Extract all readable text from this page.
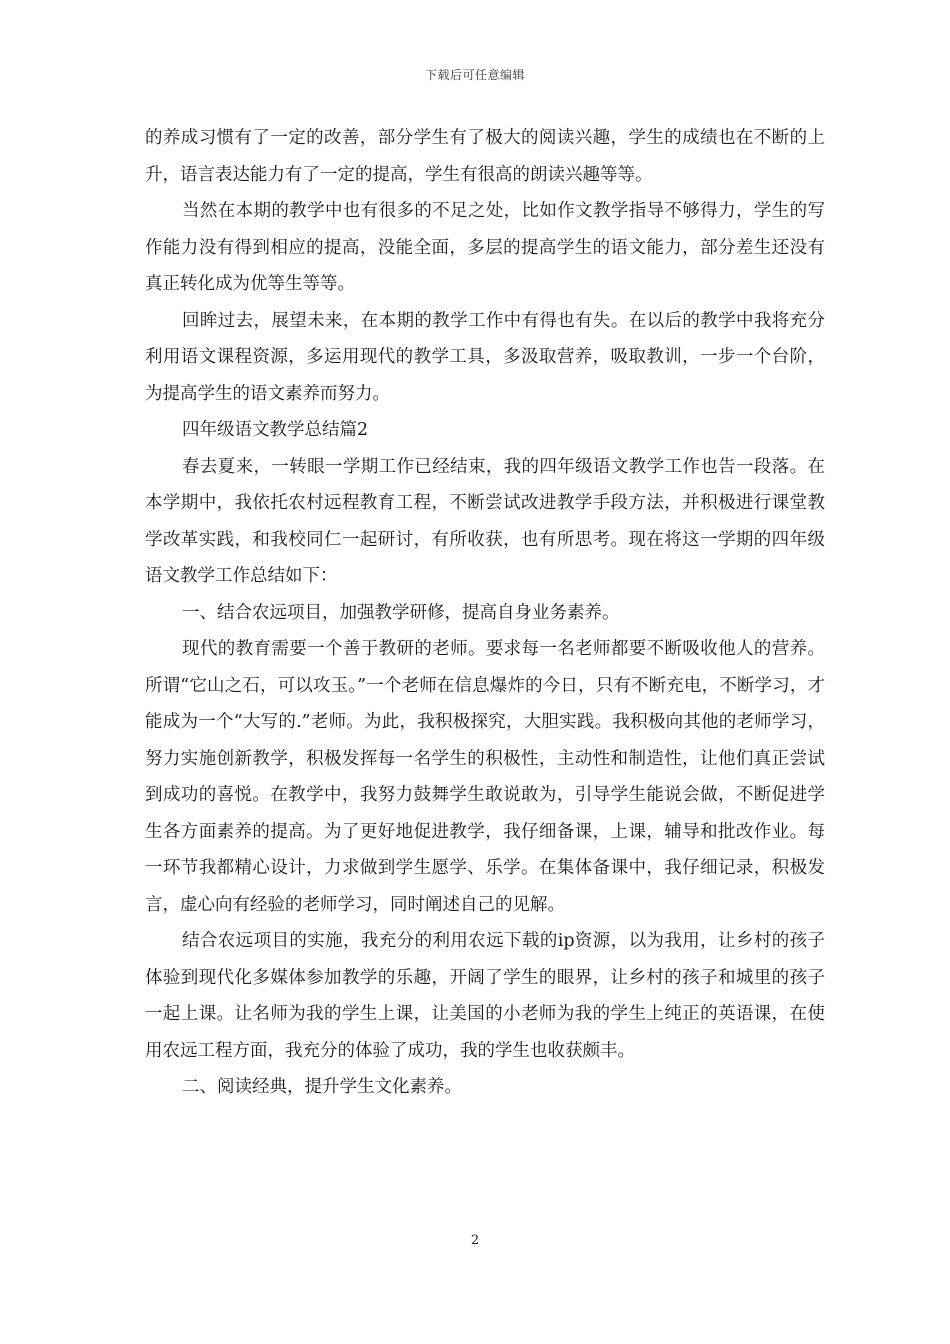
下载后可任意编辑

的养成习惯有了一定的改善，部分学生有了极大的阅读兴趣，学生的成绩也在不断的上升，语言表达能力有了一定的提高，学生有很高的朗读兴趣等等。

当然在本期的教学中也有很多的不足之处，比如作文教学指导不够得力，学生的写作能力没有得到相应的提高，没能全面，多层的提高学生的语文能力，部分差生还没有真正转化成为优等生等等。

回眸过去，展望未来，在本期的教学工作中有得也有失。在以后的教学中我将充分利用语文课程资源，多运用现代的教学工具，多汲取营养，吸取教训，一步一个台阶，为提高学生的语文素养而努力。

四年级语文教学总结篇2

春去夏来，一转眼一学期工作已经结束，我的四年级语文教学工作也告一段落。在本学期中，我依托农村远程教育工程，不断尝试改进教学手段方法，并积极进行课堂教学改革实践，和我校同仁一起研讨，有所收获，也有所思考。现在将这一学期的四年级语文教学工作总结如下：

一、结合农远项目，加强教学研修，提高自身业务素养。

现代的教育需要一个善于教研的老师。要求每一名老师都要不断吸收他人的营养。所谓“它山之石，可以攻玉。”一个老师在信息爆炸的今日，只有不断充电，不断学习，才能成为一个“大写的.”老师。为此，我积极探究，大胆实践。我积极向其他的老师学习，努力实施创新教学，积极发挥每一名学生的积极性，主动性和制造性，让他们真正尝试到成功的喜悦。在教学中，我努力鼓舞学生敢说敢为，引导学生能说会做，不断促进学生各方面素养的提高。为了更好地促进教学，我仔细备课，上课，辅导和批改作业。每一环节我都精心设计，力求做到学生愿学、乐学。在集体备课中，我仔细记录，积极发言，虚心向有经验的老师学习，同时阐述自己的见解。

结合农远项目的实施，我充分的利用农远下载的ip资源，以为我用，让乡村的孩子体验到现代化多媒体参加教学的乐趣，开阔了学生的眼界，让乡村的孩子和城里的孩子一起上课。让名师为我的学生上课，让美国的小老师为我的学生上纯正的英语课，在使用农远工程方面，我充分的体验了成功，我的学生也收获颇丰。

二、阅读经典，提升学生文化素养。

2
